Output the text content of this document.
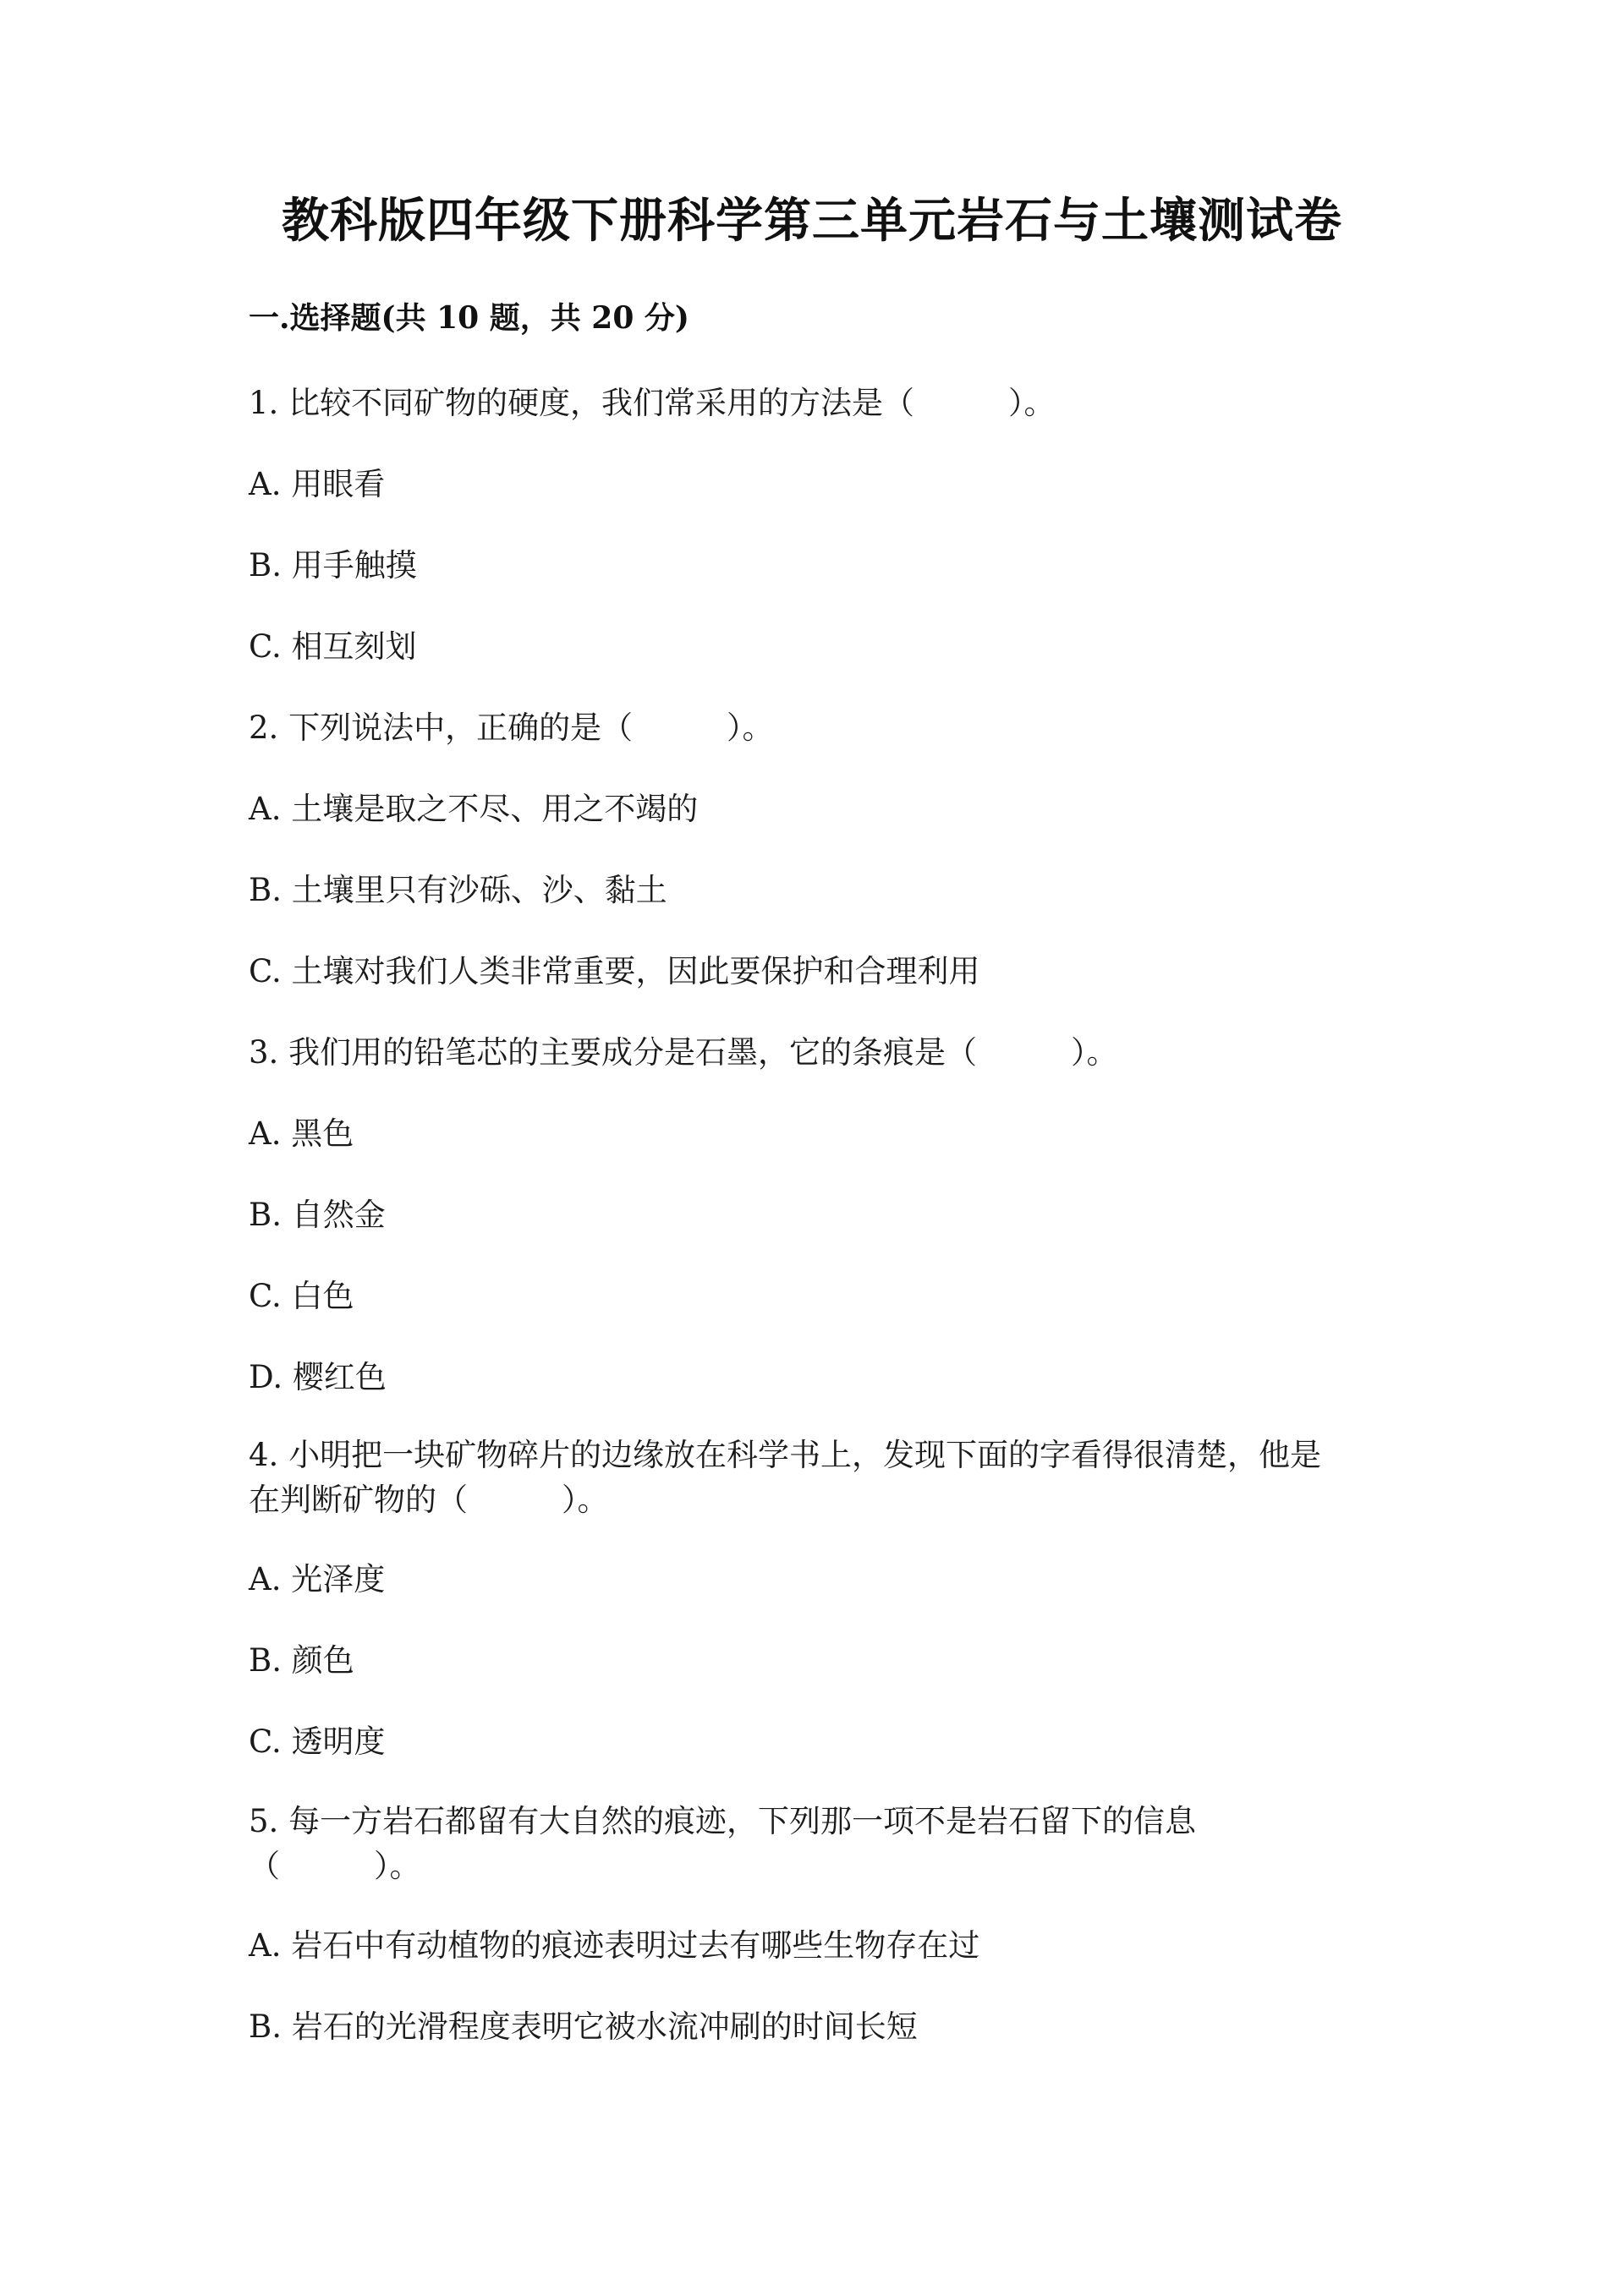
教科版四年级下册科学第三单元岩石与土壤测试卷
一.选择题(共 10 题，共 20 分)
1. 比较不同矿物的硬度，我们常采用的方法是（　　　）。
A. 用眼看
B. 用手触摸
C. 相互刻划
2. 下列说法中，正确的是（　　　）。
A. 土壤是取之不尽、用之不竭的
B. 土壤里只有沙砾、沙、黏土
C. 土壤对我们人类非常重要，因此要保护和合理利用
3. 我们用的铅笔芯的主要成分是石墨，它的条痕是（　　　）。
A. 黑色
B. 自然金
C. 白色
D. 樱红色
4. 小明把一块矿物碎片的边缘放在科学书上，发现下面的字看得很清楚，他是
在判断矿物的（　　　）。
A. 光泽度
B. 颜色
C. 透明度
5. 每一方岩石都留有大自然的痕迹，下列那一项不是岩石留下的信息
（　　　）。
A. 岩石中有动植物的痕迹表明过去有哪些生物存在过
B. 岩石的光滑程度表明它被水流冲刷的时间长短
